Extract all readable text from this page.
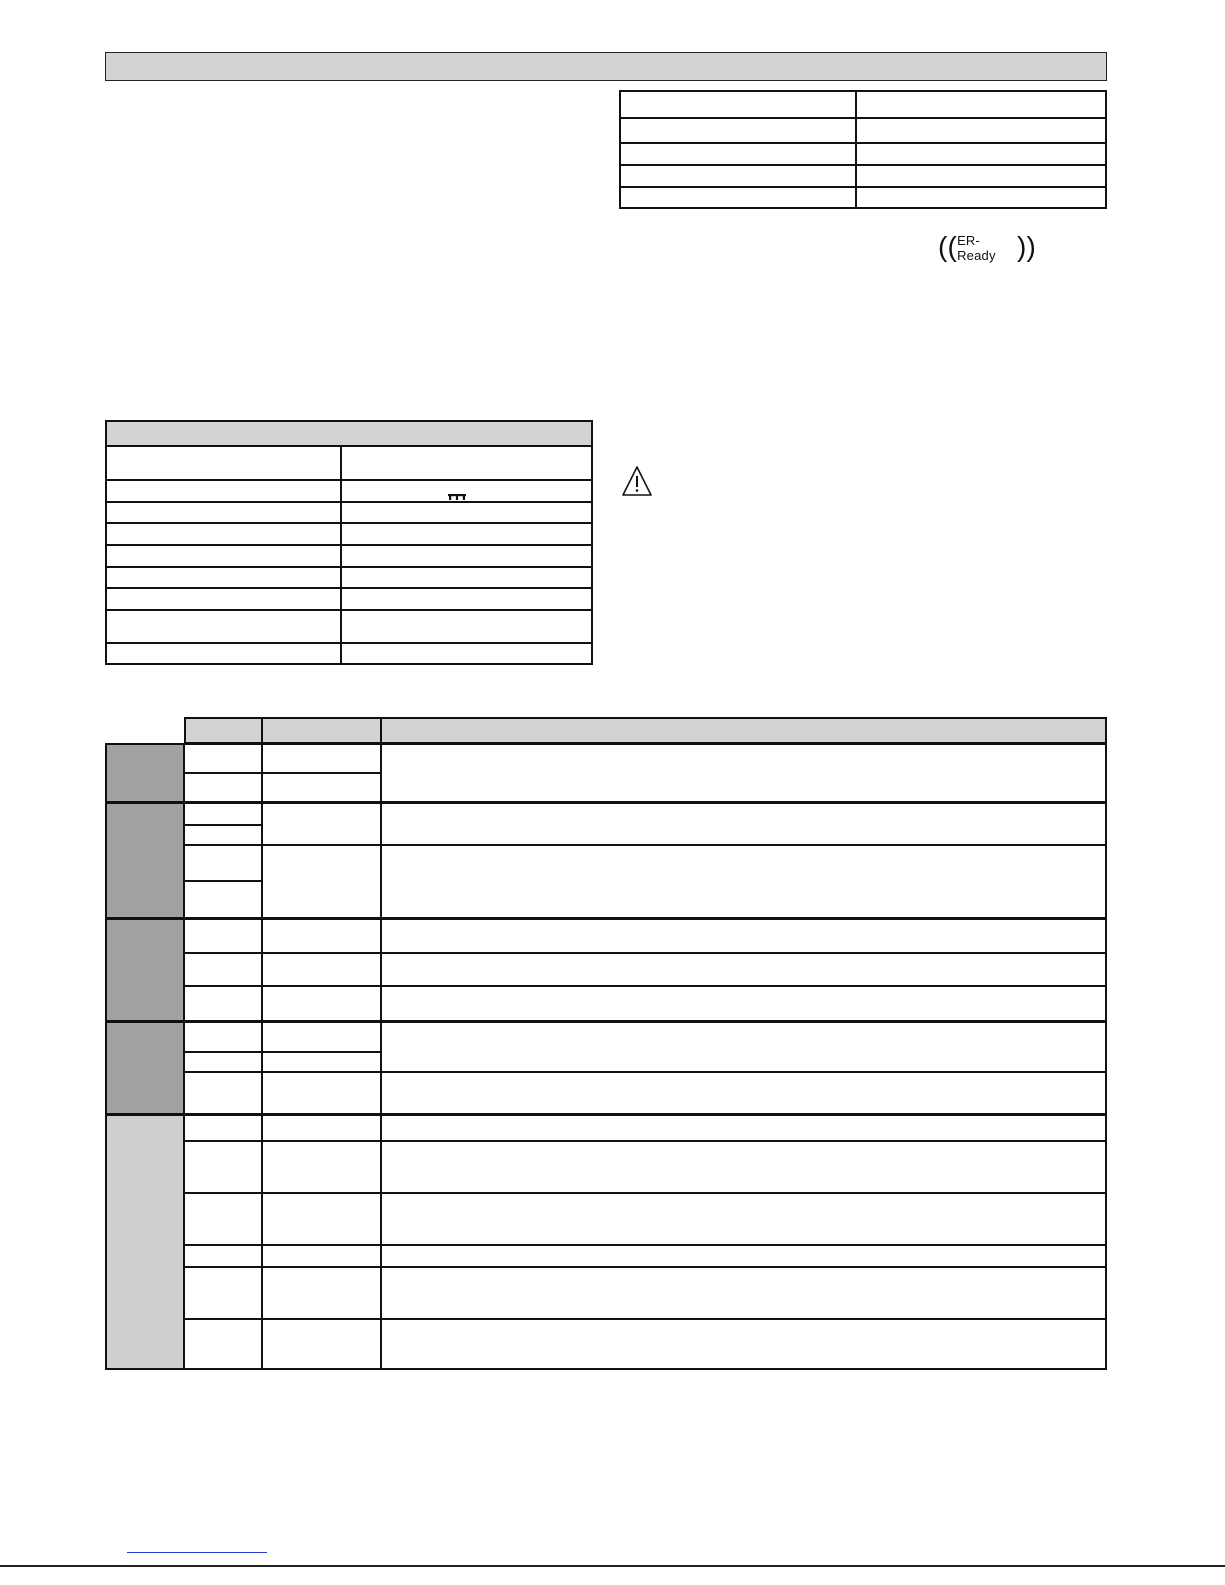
(( ER-Ready ))
